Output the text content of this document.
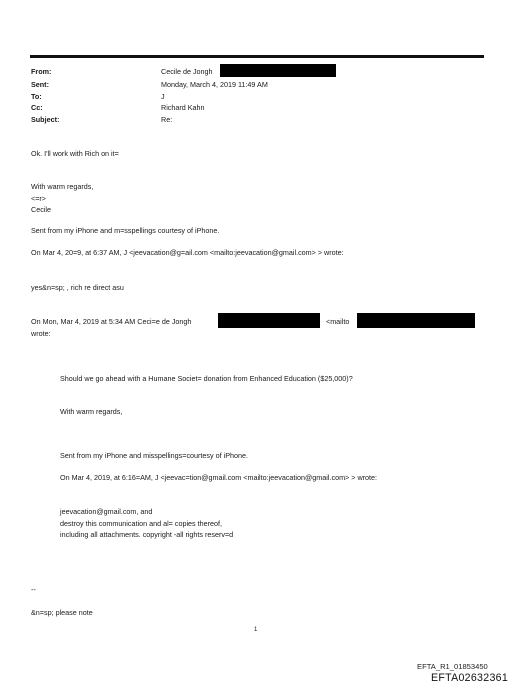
From:	Cecile de Jongh
Sent:	Monday, March 4, 2019 11:49 AM
To:	J
Cc:	Richard Kahn
Subject:	Re:
Ok. I'll work with Rich on it=
With warm regards,
<=r>
Cecile
Sent from my iPhone and m=sspellings courtesy of iPhone.
On Mar 4, 20=9, at 6:37 AM, J <jeevacation@g=ail.com <mailto:jeevacation@gmail.com> > wrote:
yes&n=sp; , rich re direct asu
On Mon, Mar 4, 2019 at 5:34 AM Ceci=e de Jongh	<mailto
wrote:
Should we go ahead with a Humane Societ= donation from Enhanced Education ($25,000)?
With warm regards,
Sent from my iPhone and misspellings=courtesy of iPhone.
On Mar 4, 2019, at 6:16=AM, J <jeevac=tion@gmail.com <mailto:jeevacation@gmail.com> > wrote:
jeevacation@gmail.com, and
destroy this communication and al= copies thereof,
including all attachments. copyright -all rights reserv=d
--
&n=sp; please note
1
EFTA_R1_01853450
EFTA02632361
